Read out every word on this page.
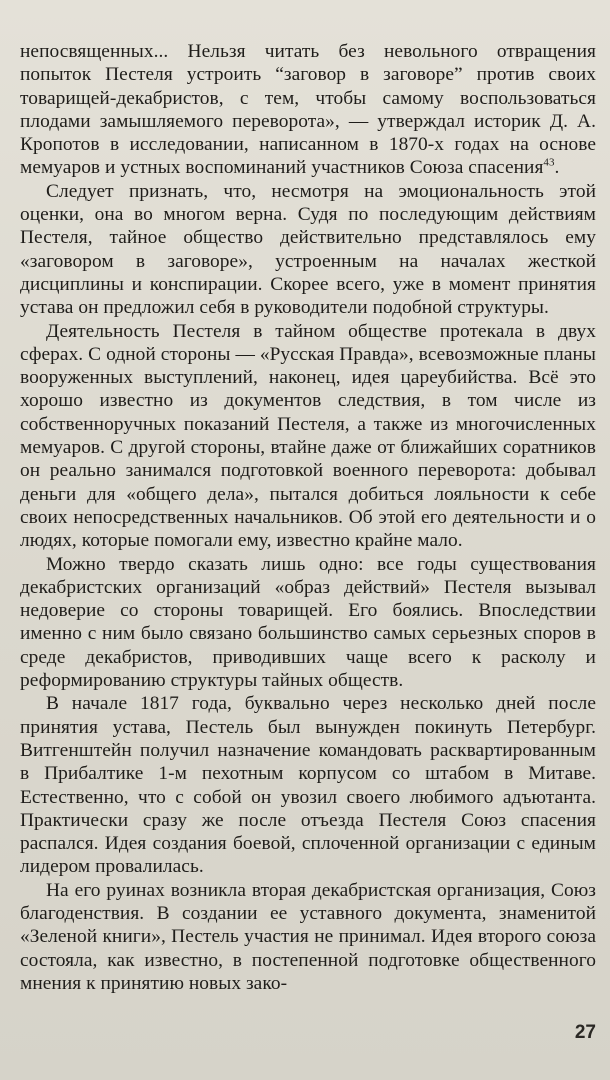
непосвященных... Нельзя читать без невольного отвращения попыток Пестеля устроить “заговор в заговоре” против своих товарищей-декабристов, с тем, чтобы самому воспользоваться плодами замышляемого переворота», — утверждал историк Д. А. Кропотов в исследовании, написанном в 1870-х годах на основе мемуаров и устных воспоминаний участников Союза спасения$^{43}$.

Следует признать, что, несмотря на эмоциональность этой оценки, она во многом верна. Судя по последующим действиям Пестеля, тайное общество действительно представлялось ему «заговором в заговоре», устроенным на началах жесткой дисциплины и конспирации. Скорее всего, уже в момент принятия устава он предложил себя в руководители подобной структуры.

Деятельность Пестеля в тайном обществе протекала в двух сферах. С одной стороны — «Русская Правда», всевозможные планы вооруженных выступлений, наконец, идея цареубийства. Всё это хорошо известно из документов следствия, в том числе из собственноручных показаний Пестеля, а также из многочисленных мемуаров. С другой стороны, втайне даже от ближайших соратников он реально занимался подготовкой военного переворота: добывал деньги для «общего дела», пытался добиться лояльности к себе своих непосредственных начальников. Об этой его деятельности и о людях, которые помогали ему, известно крайне мало.

Можно твердо сказать лишь одно: все годы существования декабристских организаций «образ действий» Пестеля вызывал недоверие со стороны товарищей. Его боялись. Впоследствии именно с ним было связано большинство самых серьезных споров в среде декабристов, приводивших чаще всего к расколу и реформированию структуры тайных обществ.

В начале 1817 года, буквально через несколько дней после принятия устава, Пестель был вынужден покинуть Петербург. Витгенштейн получил назначение командовать расквартированным в Прибалтике 1-м пехотным корпусом со штабом в Митаве. Естественно, что с собой он увозил своего любимого адъютанта. Практически сразу же после отъезда Пестеля Союз спасения распался. Идея создания боевой, сплоченной организации с единым лидером провалилась.

На его руинах возникла вторая декабристская организация, Союз благоденствия. В создании ее уставного документа, знаменитой «Зеленой книги», Пестель участия не принимал. Идея второго союза состояла, как известно, в постепенной подготовке общественного мнения к принятию новых зако-

27
